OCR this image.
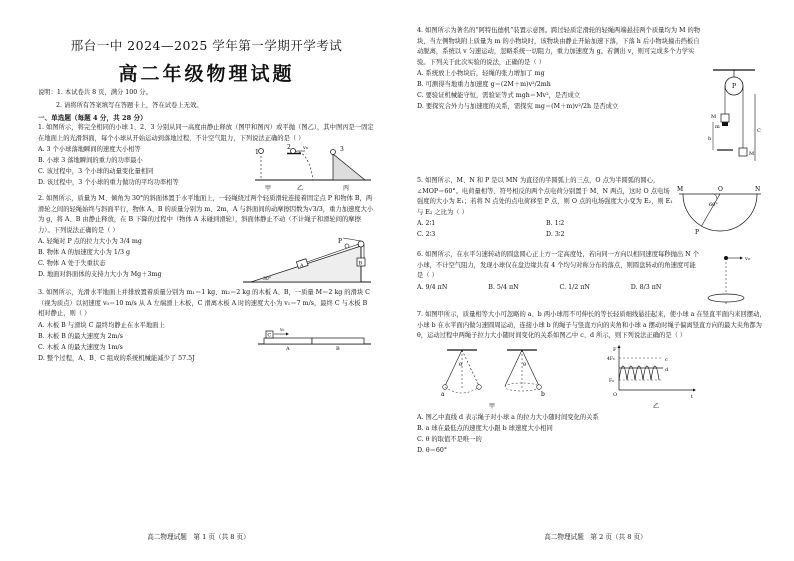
邢台一中 2024—2025 学年第一学期开学考试
高二年级物理试题
说明：1. 本试卷共 8 页，满分 100 分。
2. 请将所有答案填写在答题卡上，答在试卷上无效。
一、单选题（每题 4 分，共 28 分）
1. 如图所示，将完全相同的小球 1、2、3 分别从同一高度由静止释放（图甲和图丙）或平抛（图乙），其中图丙是一固定在地面上的光滑斜面，每个小球从开始运动到落地过程，不计空气阻力，下列说法正确的是（ ）
A. 3 个小球落地瞬间的速度大小相等
B. 小球 3 落地瞬间的重力的功率最小
C. 该过程中，3 个小球的动量变化量相同
D. 该过程中，3 个小球的重力做功的平均功率相等
1
2	3
v₀
甲	乙	丙
2. 如图所示，质量为 M、倾角为 30°的斜面体置于水平地面上，一轻绳绕过两个轻质滑轮连接着固定点 P 和物体 B，两滑轮之间的轻绳始终与斜面平行，物体 A、B 的质量分别为 m、2m，A 与斜面间的动摩擦因数为√3/3，重力加速度大小为 g，将 A、B 由静止释放，在 B 下降的过程中（物体 A 未碰到滑轮），斜面体静止不动（不计绳子和滑轮间的摩擦力）。下列说法正确的是（ ）
A. 轻绳对 P 点的拉力大小为 3/4 mg
B. 物体 A 的加速度大小为 1/3 g
C. 物体 A 处于失重状态
D. 地面对斜面体的支持力大小为 Mg＋3mg
P
A	B
30°
3. 如图所示，光滑水平地面上并排放置着质量分别为 m₁＝1 kg、m₂＝2 kg 的木板 A、B，一质量 M＝2 kg 的滑块 C（视为质点）以初速度 v₀＝10 m/s 从 A 左端滑上木板，C 滑离木板 A 时的速度大小为 v₁＝7 m/s，最终 C 与木板 B 相对静止，则（ ）
A. 木板 B 与滑块 C 最终均静止在水平地面上
B. 木板 B 的最大速度为 2m/s
C. 木板 A 的最大速度为 1m/s
D. 整个过程，A、B、C 组成的系统机械能减少了 57.5J
C
v₀
A	B
高二物理试题　第 1 页（共 8 页）
4. 如图所示为著名的“阿特伍德机”装置示意图。跨过轻质定滑轮的轻绳两端悬挂两个质量均为 M 的物块，当左侧物块附上质量为 m 的小物块时，该物块由静止开始加速下落，下落 h 后小物块撞击挡板自动脱离，系统以 v 匀速运动，忽略系统一切阻力，重力加速度为 g。若测出 v，则可完成多个力学实验。下列关于此次实验的说法，正确的是（ ）
A. 系统放上小物块后，轻绳的张力增加了 mg
B. 可测得当地重力加速度 g＝(2M＋m)v²/2mh
C. 要验证机械能守恒，需验证等式 mgh＝Mv²，是否成立
D. 要探究合外力与加速度的关系，需探究 mg＝(M＋m)v²/2h 是否成立
P
M
m
h
M
C
5. 如图所示，M、N 和 P 是以 MN 为直径的半圆弧上的三点，O 点为半圆弧的圆心，∠MOP＝60°。电荷量相等、符号相反的两个点电荷分别置于 M、N 两点，这时 O 点电场强度的大小为 E₁；若将 N 点处的点电荷移至 P 点，则 O 点的电场强度大小变为 E₂，则 E₁ 与 E₂ 之比为（ ）
A. 2∶1	B. 1∶2
C. 2∶3	D. 3∶2
M	O	N
60°
P
6. 如图所示，在水平匀速转动的圆盘圆心正上方一定高度处，若向同一方向以相同速度每秒抛出 N 个小球，不计空气阻力，发现小球仅在盘边缘共有 4 个均匀对称分布的落点，则圆盘转动的角速度可能是（ ）
A. 9/4 πN	B. 5/4 πN	C. 1/2 πN	D. 8/3 πN
v₀
7. 如图甲所示，质量相等大小可忽略的 a、b 两小球用不可伸长的等长轻质细线悬挂起来，使小球 a 在竖直平面内来回摆动，小球 b 在水平面内做匀速圆周运动，连接小球 b 的绳子与竖直方向的夹角和小球 a 摆动时绳子偏离竖直方向的最大夹角都为 θ，运动过程中两绳子拉力大小随时间变化的关系如图乙中 c、d 所示，则下列说法正确的是（ ）
θ	θ
a	b
甲
F
4F₀
F₀
c
d
t
O
乙
A. 图乙中直线 d 表示绳子对小球 a 的拉力大小随时间变化的关系
B. a 球在最低点的速度大小跟 b 球速度大小相同
C. θ 的取值不是唯一的
D. θ＝60°
高二物理试题　第 2 页（共 8 页）
